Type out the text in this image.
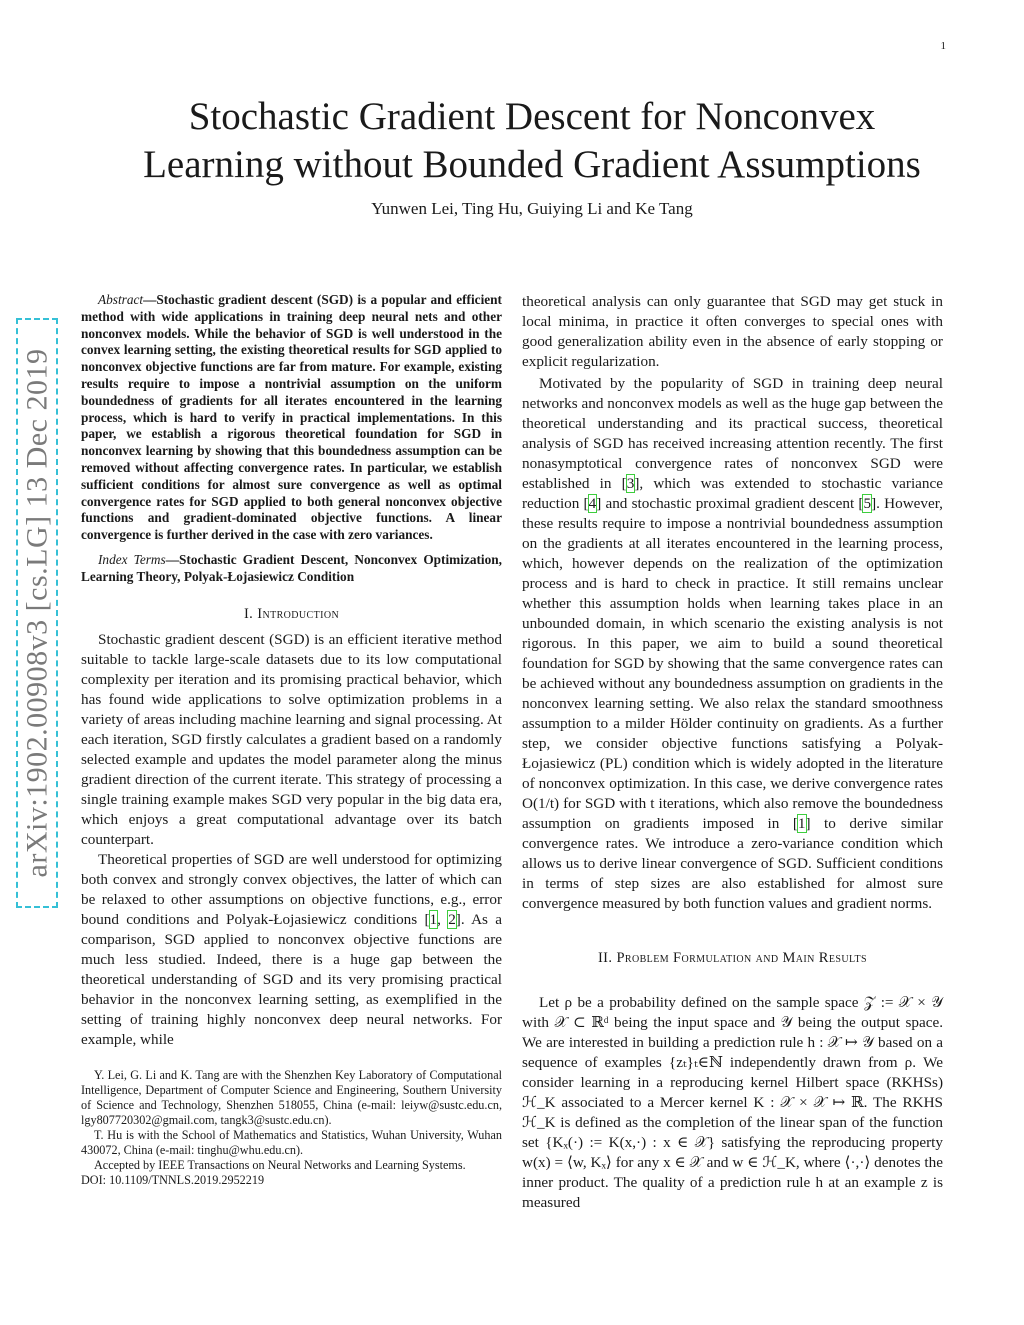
1
arXiv:1902.00908v3 [cs.LG] 13 Dec 2019
Stochastic Gradient Descent for Nonconvex
Learning without Bounded Gradient Assumptions
Yunwen Lei, Ting Hu, Guiying Li and Ke Tang

Abstract—Stochastic gradient descent (SGD) is a popular and efficient method with wide applications in training deep neural nets and other nonconvex models. While the behavior of SGD is well understood in the convex learning setting, the existing theoretical results for SGD applied to nonconvex objective functions are far from mature. For example, existing results require to impose a nontrivial assumption on the uniform boundedness of gradients for all iterates encountered in the learning process, which is hard to verify in practical implementations. In this paper, we establish a rigorous theoretical foundation for SGD in nonconvex learning by showing that this boundedness assumption can be removed without affecting convergence rates. In particular, we establish sufficient conditions for almost sure convergence as well as optimal convergence rates for SGD applied to both general nonconvex objective functions and gradient-dominated objective functions. A linear convergence is further derived in the case with zero variances.

Index Terms—Stochastic Gradient Descent, Nonconvex Optimization, Learning Theory, Polyak-Łojasiewicz Condition

I. Introduction

Stochastic gradient descent (SGD) is an efficient iterative method suitable to tackle large-scale datasets due to its low computational complexity per iteration and its promising practical behavior, which has found wide applications to solve optimization problems in a variety of areas including machine learning and signal processing. At each iteration, SGD firstly calculates a gradient based on a randomly selected example and updates the model parameter along the minus gradient direction of the current iterate. This strategy of processing a single training example makes SGD very popular in the big data era, which enjoys a great computational advantage over its batch counterpart.

Theoretical properties of SGD are well understood for optimizing both convex and strongly convex objectives, the latter of which can be relaxed to other assumptions on objective functions, e.g., error bound conditions and Polyak-Łojasiewicz conditions [1, 2]. As a comparison, SGD applied to nonconvex objective functions are much less studied. Indeed, there is a huge gap between the theoretical understanding of SGD and its very promising practical behavior in the nonconvex learning setting, as exemplified in the setting of training highly nonconvex deep neural networks. For example, while

Y. Lei, G. Li and K. Tang are with the Shenzhen Key Laboratory of Computational Intelligence, Department of Computer Science and Engineering, Southern University of Science and Technology, Shenzhen 518055, China (e-mail: leiyw@sustc.edu.cn, lgy807720302@gmail.com, tangk3@sustc.edu.cn).

T. Hu is with the School of Mathematics and Statistics, Wuhan University, Wuhan 430072, China (e-mail: tinghu@whu.edu.cn).

Accepted by IEEE Transactions on Neural Networks and Learning Systems.

DOI: 10.1109/TNNLS.2019.2952219

theoretical analysis can only guarantee that SGD may get stuck in local minima, in practice it often converges to special ones with good generalization ability even in the absence of early stopping or explicit regularization.

Motivated by the popularity of SGD in training deep neural networks and nonconvex models as well as the huge gap between the theoretical understanding and its practical success, theoretical analysis of SGD has received increasing attention recently. The first nonasymptotical convergence rates of nonconvex SGD were established in [3], which was extended to stochastic variance reduction [4] and stochastic proximal gradient descent [5]. However, these results require to impose a nontrivial boundedness assumption on the gradients at all iterates encountered in the learning process, which, however depends on the realization of the optimization process and is hard to check in practice. It still remains unclear whether this assumption holds when learning takes place in an unbounded domain, in which scenario the existing analysis is not rigorous. In this paper, we aim to build a sound theoretical foundation for SGD by showing that the same convergence rates can be achieved without any boundedness assumption on gradients in the nonconvex learning setting. We also relax the standard smoothness assumption to a milder Hölder continuity on gradients. As a further step, we consider objective functions satisfying a Polyak-Łojasiewicz (PL) condition which is widely adopted in the literature of nonconvex optimization. In this case, we derive convergence rates O(1/t) for SGD with t iterations, which also remove the boundedness assumption on gradients imposed in [1] to derive similar convergence rates. We introduce a zero-variance condition which allows us to derive linear convergence of SGD. Sufficient conditions in terms of step sizes are also established for almost sure convergence measured by both function values and gradient norms.

II. Problem Formulation and Main Results

Let ρ be a probability defined on the sample space 𝒵 := 𝒳 × 𝒴 with 𝒳 ⊂ ℝᵈ being the input space and 𝒴 being the output space. We are interested in building a prediction rule h : 𝒳 ↦ 𝒴 based on a sequence of examples {zₜ}ₜ∈ℕ independently drawn from ρ. We consider learning in a reproducing kernel Hilbert space (RKHSs) ℋ_K associated to a Mercer kernel K : 𝒳 × 𝒳 ↦ ℝ. The RKHS ℋ_K is defined as the completion of the linear span of the function set {Kₓ(·) := K(x,·) : x ∈ 𝒳} satisfying the reproducing property w(x) = ⟨w, Kₓ⟩ for any x ∈ 𝒳 and w ∈ ℋ_K, where ⟨·,·⟩ denotes the inner product. The quality of a prediction rule h at an example z is measured
